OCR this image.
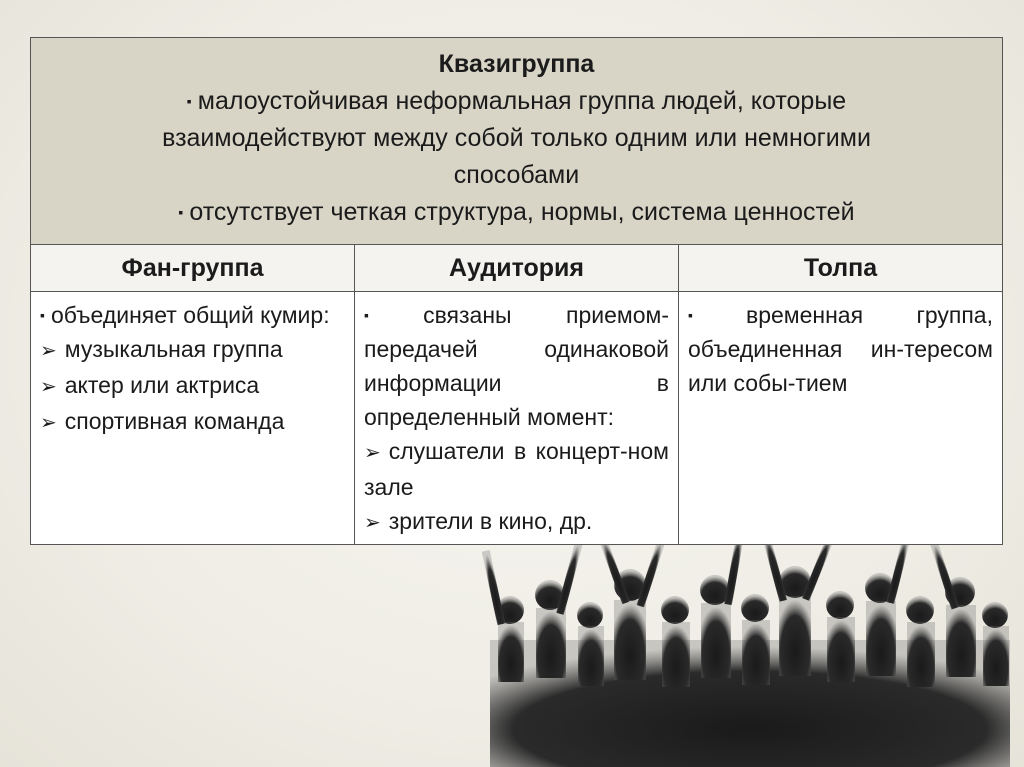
Квазигруппа
▪ малоустойчивая неформальная группа людей, которые
взаимодействуют между собой только одним или немногими
способами
▪ отсутствует четкая структура, нормы, система ценностей		

Фан-группа	Аудитория	Толпа

▪ объединяет общий кумир:
➢ музыкальная группа
➢ актер или актриса
➢ спортивная команда	▪ связаны приемом-передачей одинаковой информации в определенный момент:
➢ слушатели в концерт-ном зале
➢ зрители в кино, др.	▪ временная группа, объединенная ин-тересом или собы-тием
